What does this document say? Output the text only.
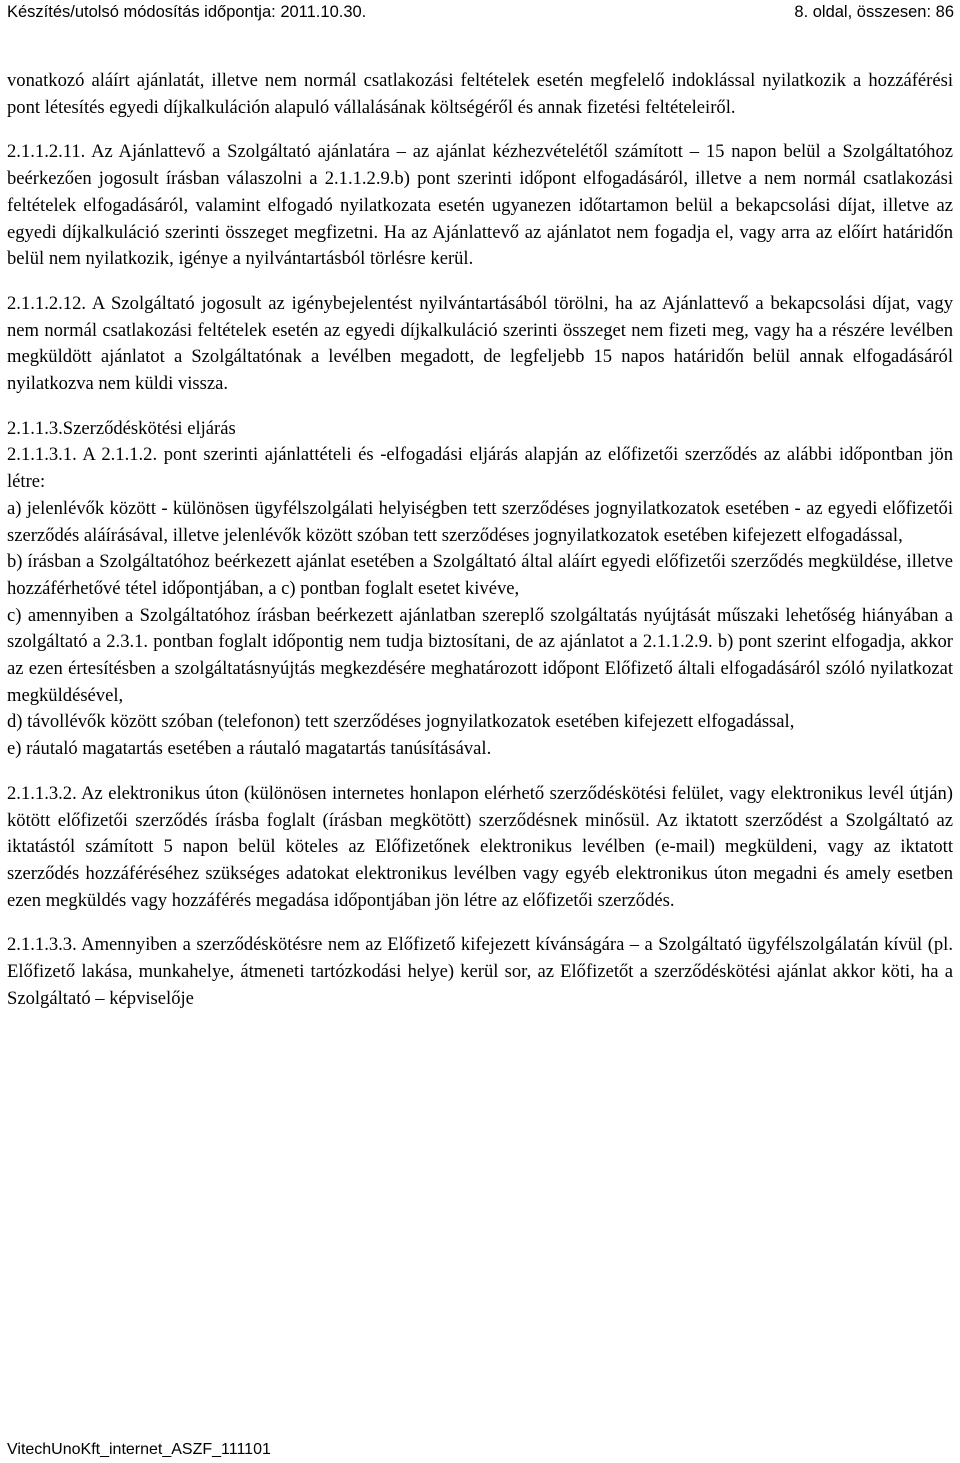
Készítés/utolsó módosítás időpontja: 2011.10.30.	8. oldal, összesen: 86

vonatkozó aláírt ajánlatát, illetve nem normál csatlakozási feltételek esetén megfelelő indoklással nyilatkozik a hozzáférési pont létesítés egyedi díjkalkuláción alapuló vállalásának költségéről és annak fizetési feltételeiről.

2.1.1.2.11. Az Ajánlattevő a Szolgáltató ajánlatára – az ajánlat kézhezvételétől számított – 15 napon belül a Szolgáltatóhoz beérkezően jogosult írásban válaszolni a 2.1.1.2.9.b) pont szerinti időpont elfogadásáról, illetve a nem normál csatlakozási feltételek elfogadásáról, valamint elfogadó nyilatkozata esetén ugyanezen időtartamon belül a bekapcsolási díjat, illetve az egyedi díjkalkuláció szerinti összeget megfizetni. Ha az Ajánlattevő az ajánlatot nem fogadja el, vagy arra az előírt határidőn belül nem nyilatkozik, igénye a nyilvántartásból törlésre kerül.

2.1.1.2.12. A Szolgáltató jogosult az igénybejelentést nyilvántartásából törölni, ha az Ajánlattevő a bekapcsolási díjat, vagy nem normál csatlakozási feltételek esetén az egyedi díjkalkuláció szerinti összeget nem fizeti meg, vagy ha a részére levélben megküldött ajánlatot a Szolgáltatónak a levélben megadott, de legfeljebb 15 napos határidőn belül annak elfogadásáról nyilatkozva nem küldi vissza.

2.1.1.3.Szerződéskötési eljárás

2.1.1.3.1. A 2.1.1.2. pont szerinti ajánlattételi és -elfogadási eljárás alapján az előfizetői szerződés az alábbi időpontban jön létre:

a) jelenlévők között - különösen ügyfélszolgálati helyiségben tett szerződéses jognyilatkozatok esetében - az egyedi előfizetői szerződés aláírásával, illetve jelenlévők között szóban tett szerződéses jognyilatkozatok esetében kifejezett elfogadással,

b) írásban a Szolgáltatóhoz beérkezett ajánlat esetében a Szolgáltató által aláírt egyedi előfizetői szerződés megküldése, illetve hozzáférhetővé tétel időpontjában, a c) pontban foglalt esetet kivéve,

c) amennyiben a Szolgáltatóhoz írásban beérkezett ajánlatban szereplő szolgáltatás nyújtását műszaki lehetőség hiányában a szolgáltató a 2.3.1. pontban foglalt időpontig nem tudja biztosítani, de az ajánlatot a 2.1.1.2.9. b) pont szerint elfogadja, akkor az ezen értesítésben a szolgáltatásnyújtás megkezdésére meghatározott időpont Előfizető általi elfogadásáról szóló nyilatkozat megküldésével,

d) távollévők között szóban (telefonon) tett szerződéses jognyilatkozatok esetében kifejezett elfogadással,

e) ráutaló magatartás esetében a ráutaló magatartás tanúsításával.

2.1.1.3.2. Az elektronikus úton (különösen internetes honlapon elérhető szerződéskötési felület, vagy elektronikus levél útján) kötött előfizetői szerződés írásba foglalt (írásban megkötött) szerződésnek minősül. Az iktatott szerződést a Szolgáltató az iktatástól számított 5 napon belül köteles az Előfizetőnek elektronikus levélben (e-mail) megküldeni, vagy az iktatott szerződés hozzáféréséhez szükséges adatokat elektronikus levélben vagy egyéb elektronikus úton megadni és amely esetben ezen megküldés vagy hozzáférés megadása időpontjában jön létre az előfizetői szerződés.

2.1.1.3.3. Amennyiben a szerződéskötésre nem az Előfizető kifejezett kívánságára – a Szolgáltató ügyfélszolgálatán kívül (pl. Előfizető lakása, munkahelye, átmeneti tartózkodási helye) kerül sor, az Előfizetőt a szerződéskötési ajánlat akkor köti, ha a Szolgáltató – képviselője

VitechUnoKft_internet_ASZF_111101
